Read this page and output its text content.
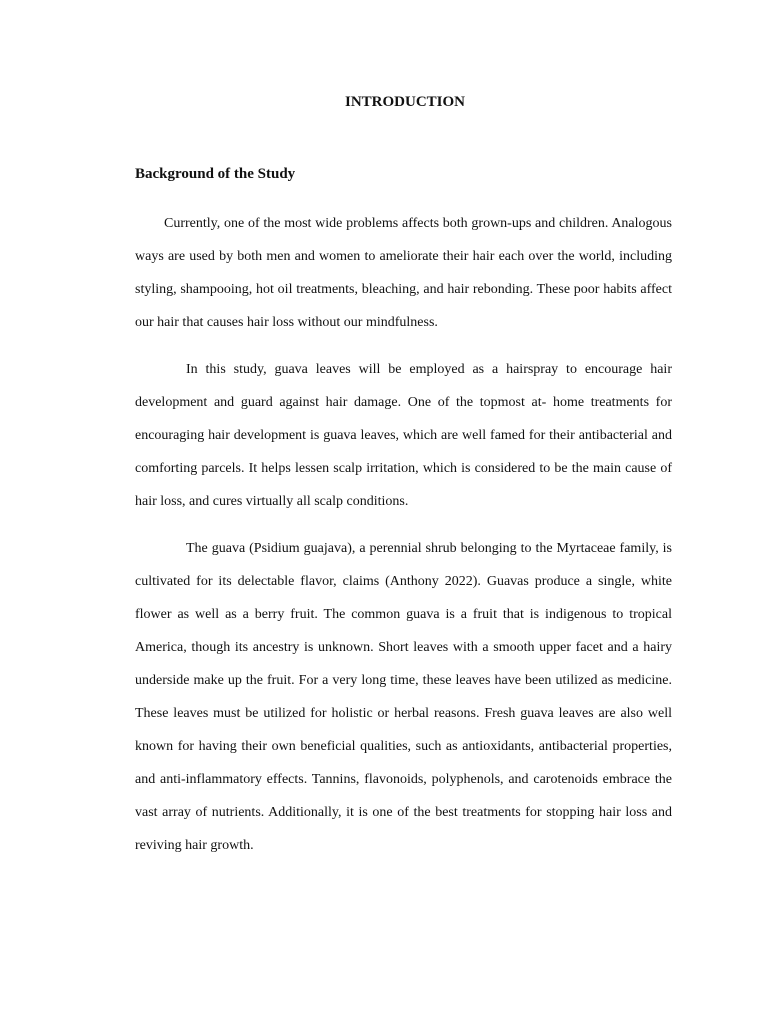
INTRODUCTION
Background of the Study

Currently, one of the most wide problems affects both grown-ups and children. Analogous ways are used by both men and women to ameliorate their hair each over the world, including styling, shampooing, hot oil treatments, bleaching, and hair rebonding. These poor habits affect our hair that causes hair loss without our mindfulness.

In this study, guava leaves will be employed as a hairspray to encourage hair development and guard against hair damage. One of the topmost at- home treatments for encouraging hair development is guava leaves, which are well famed for their antibacterial and comforting parcels. It helps lessen scalp irritation, which is considered to be the main cause of hair loss, and cures virtually all scalp conditions.

The guava (Psidium guajava), a perennial shrub belonging to the Myrtaceae family, is cultivated for its delectable flavor, claims (Anthony 2022). Guavas produce a single, white flower as well as a berry fruit. The common guava is a fruit that is indigenous to tropical America, though its ancestry is unknown. Short leaves with a smooth upper facet and a hairy underside make up the fruit. For a very long time, these leaves have been utilized as medicine. These leaves must be utilized for holistic or herbal reasons. Fresh guava leaves are also well known for having their own beneficial qualities, such as antioxidants, antibacterial properties, and anti-inflammatory effects. Tannins, flavonoids, polyphenols, and carotenoids embrace the vast array of nutrients. Additionally, it is one of the best treatments for stopping hair loss and reviving hair growth.
